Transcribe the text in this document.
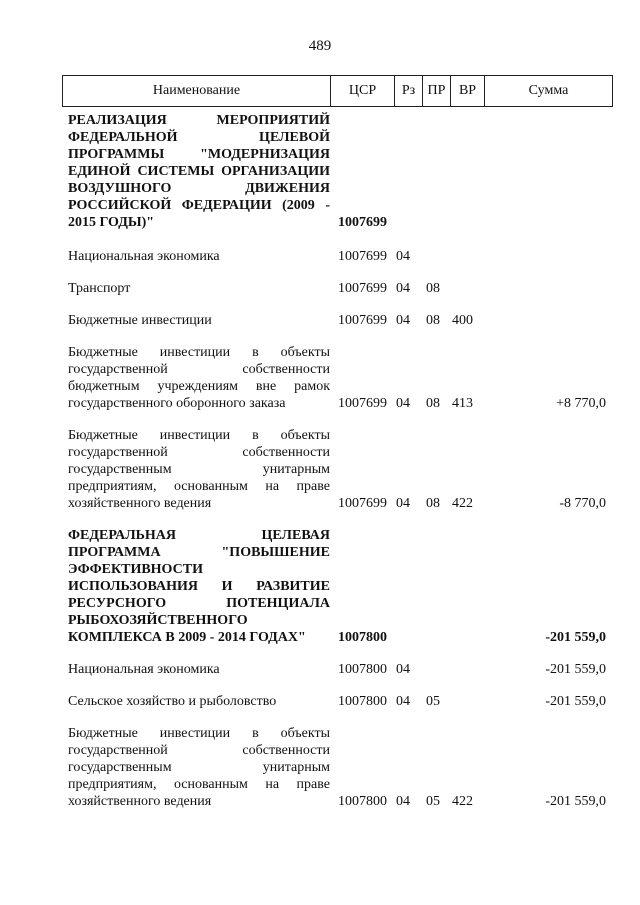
489
Наименование	ЦСР	Рз	ПР	ВР	Сумма
РЕАЛИЗАЦИЯ МЕРОПРИЯТИЙ ФЕДЕРАЛЬНОЙ ЦЕЛЕВОЙ ПРОГРАММЫ "МОДЕРНИЗАЦИЯ ЕДИНОЙ СИСТЕМЫ ОРГАНИЗАЦИИ ВОЗДУШНОГО ДВИЖЕНИЯ РОССИЙСКОЙ ФЕДЕРАЦИИ (2009 - 2015 ГОДЫ)"	1007699
Национальная экономика	1007699 04
Транспорт	1007699 04	08
Бюджетные инвестиции	1007699 04	08 400
Бюджетные инвестиции в объекты государственной собственности бюджетным учреждениям вне рамок государственного оборонного заказа	1007699 04	08 413	+8 770,0
Бюджетные инвестиции в объекты государственной собственности государственным унитарным предприятиям, основанным на праве хозяйственного ведения	1007699 04	08 422	-8 770,0
ФЕДЕРАЛЬНАЯ ЦЕЛЕВАЯ ПРОГРАММА "ПОВЫШЕНИЕ ЭФФЕКТИВНОСТИ ИСПОЛЬЗОВАНИЯ И РАЗВИТИЕ РЕСУРСНОГО ПОТЕНЦИАЛА РЫБОХОЗЯЙСТВЕННОГО КОМПЛЕКСА В 2009 - 2014 ГОДАХ"	1007800	-201 559,0
Национальная экономика	1007800 04	-201 559,0
Сельское хозяйство и рыболовство	1007800 04	05	-201 559,0
Бюджетные инвестиции в объекты государственной собственности государственным унитарным предприятиям, основанным на праве хозяйственного ведения	1007800 04	05 422	-201 559,0
